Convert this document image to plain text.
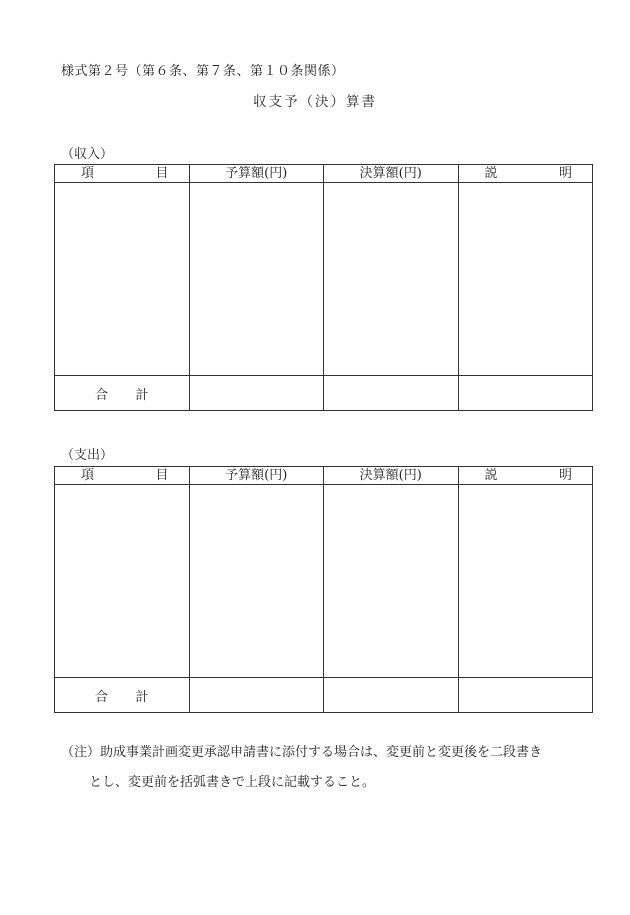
様式第２号（第６条、第７条、第１０条関係）
収支予（決）算書
（収入）
項 目	予算額(円)	決算額(円)	説 明

合 計			

（支出）
項 目	予算額(円)	決算額(円)	説 明

合 計			

（注）助成事業計画変更承認申請書に添付する場合は、変更前と変更後を二段書き
とし、変更前を括弧書きで上段に記載すること。
